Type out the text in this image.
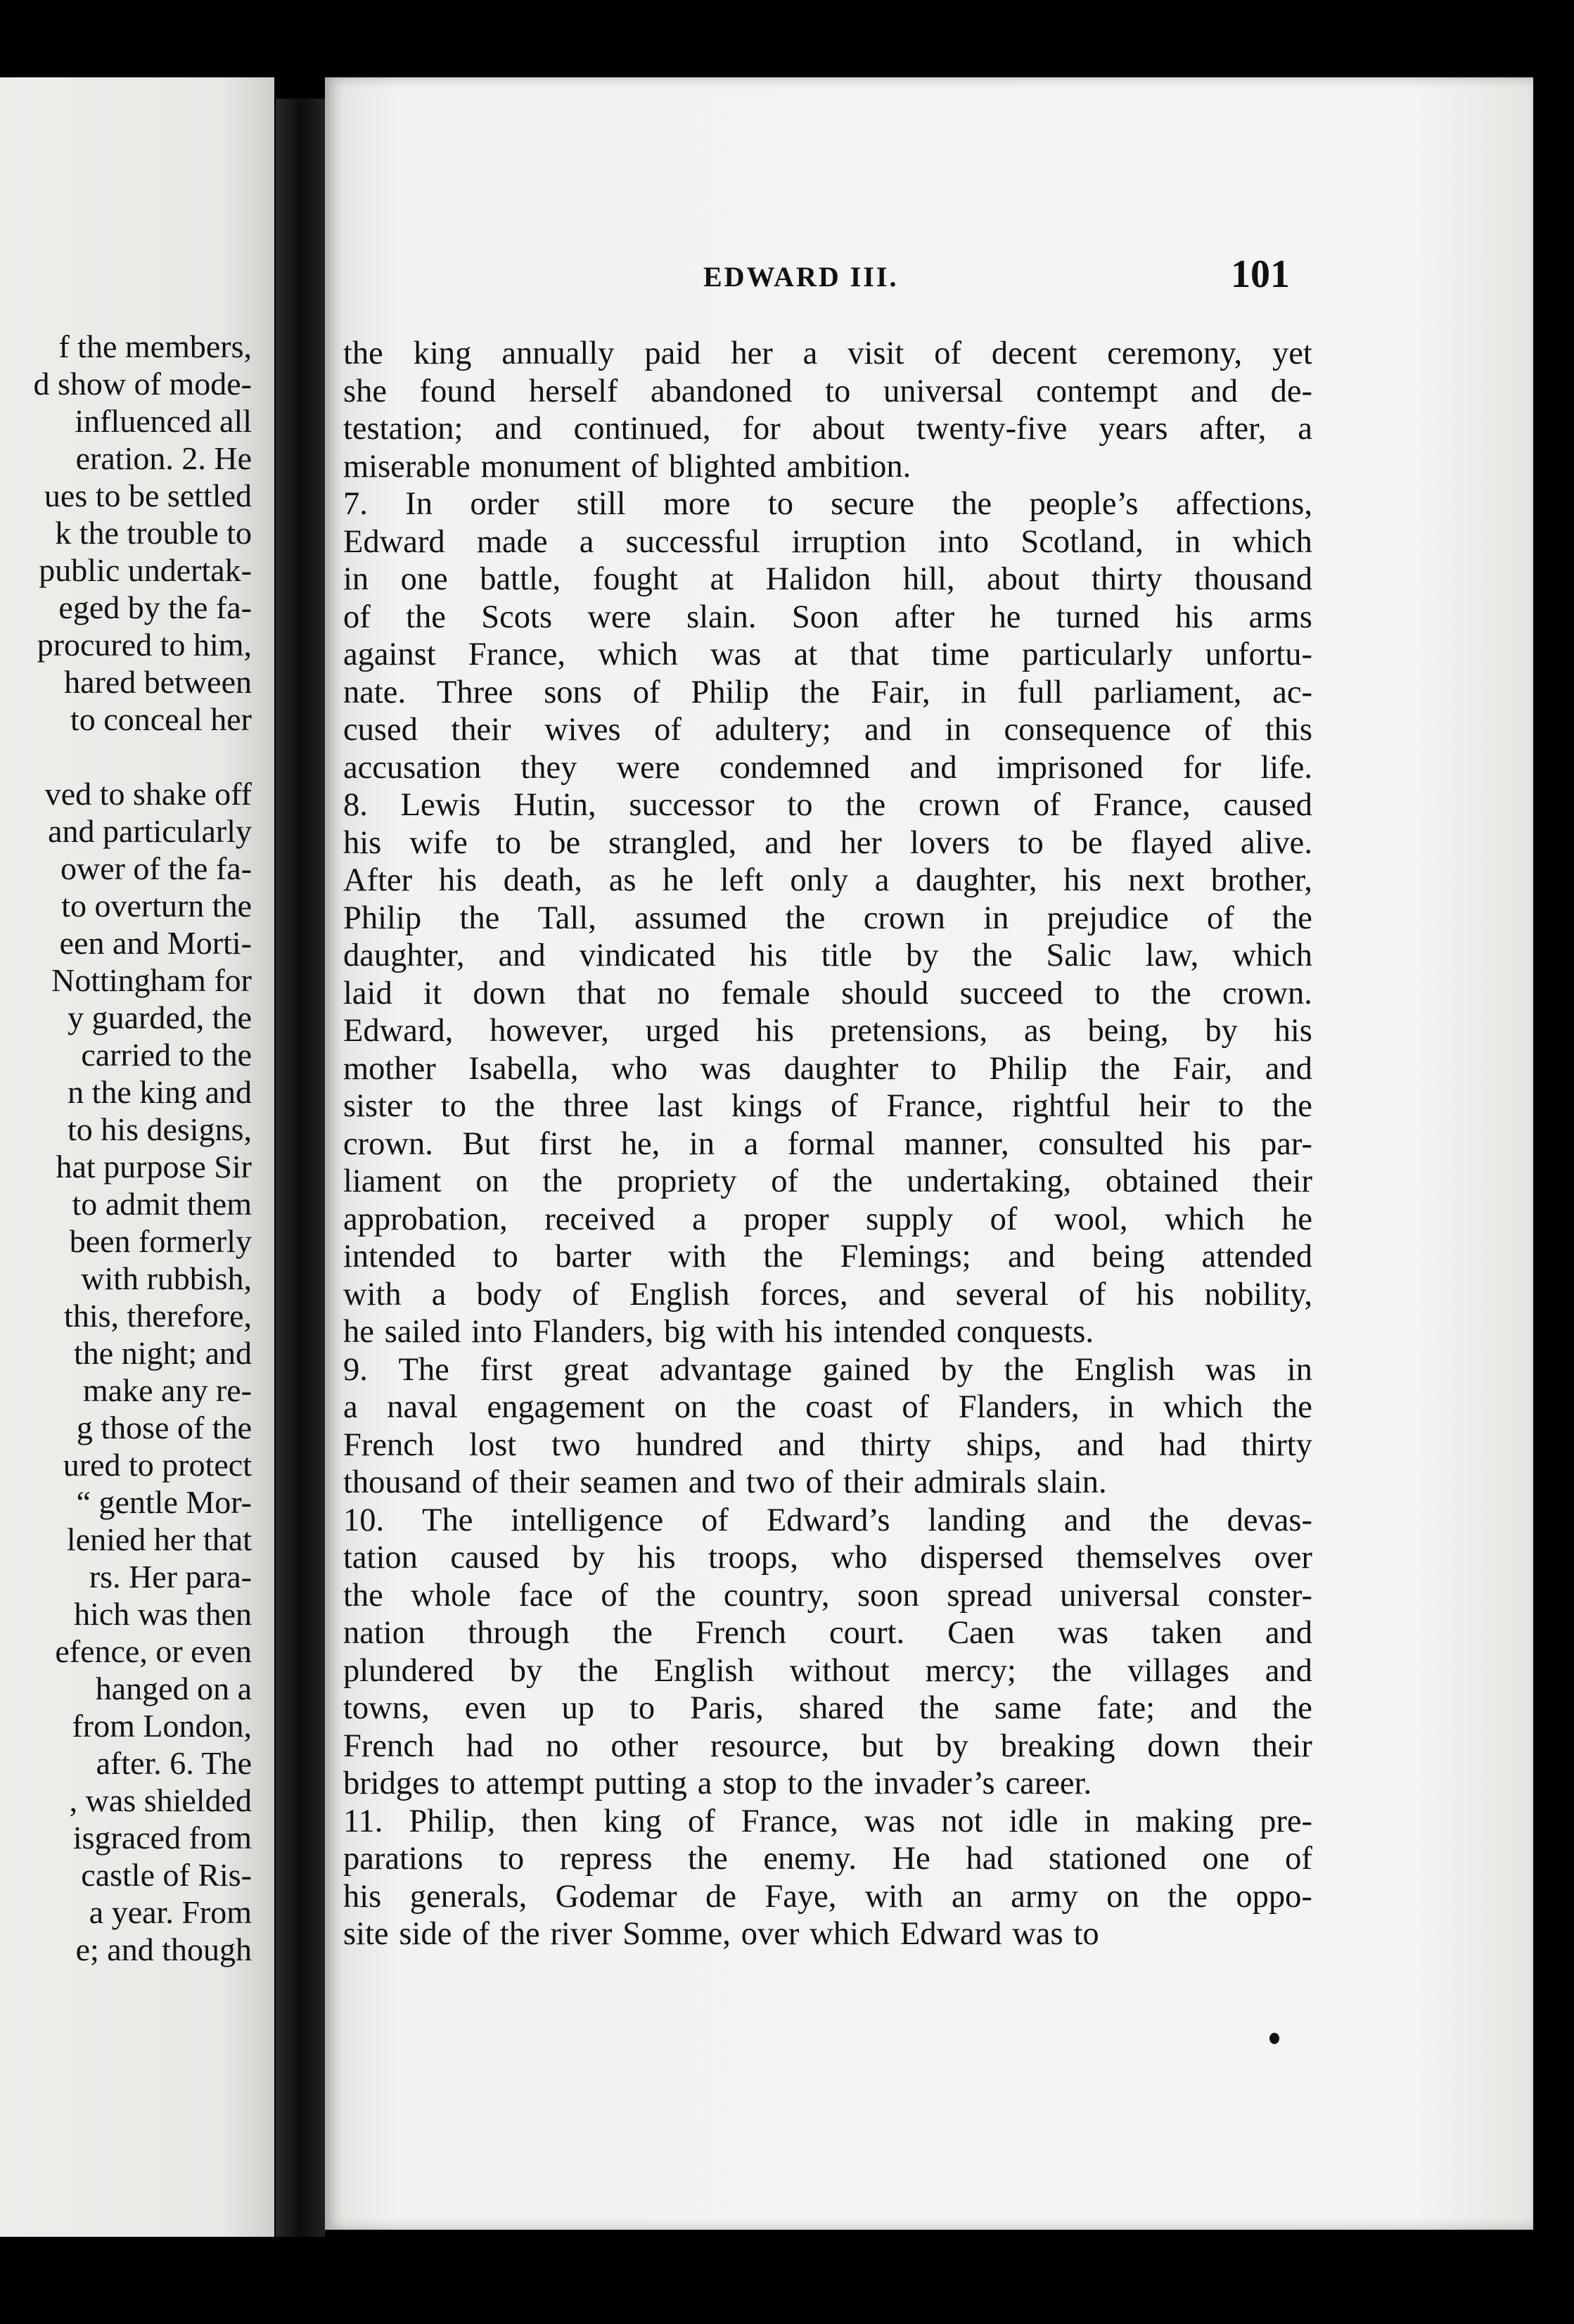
f the members,
d show of mode-
influenced all
eration. 2. He
ues to be settled
k the trouble to
public undertak-
eged by the fa-
procured to him,
hared between
to conceal her
ved to shake off
and particularly
ower of the fa-
to overturn the
een and Morti-
Nottingham for
y guarded, the
carried to the
n the king and
to his designs,
hat purpose Sir
to admit them
been formerly
with rubbish,
this, therefore,
the night; and
make any re-
g those of the
ured to protect
“ gentle Mor-
lenied her that
rs. Her para-
hich was then
efence, or even
hanged on a
from London,
after. 6. The
, was shielded
isgraced from
castle of Ris-
a year. From
e; and though
EDWARD III.	101
the king annually paid her a visit of decent ceremony, yet
she found herself abandoned to universal contempt and de-
testation; and continued, for about twenty-five years after, a
miserable monument of blighted ambition.
7. In order still more to secure the people’s affections,
Edward made a successful irruption into Scotland, in which
in one battle, fought at Halidon hill, about thirty thousand
of the Scots were slain. Soon after he turned his arms
against France, which was at that time particularly unfortu-
nate. Three sons of Philip the Fair, in full parliament, ac-
cused their wives of adultery; and in consequence of this
accusation they were condemned and imprisoned for life.
8. Lewis Hutin, successor to the crown of France, caused
his wife to be strangled, and her lovers to be flayed alive.
After his death, as he left only a daughter, his next brother,
Philip the Tall, assumed the crown in prejudice of the
daughter, and vindicated his title by the Salic law, which
laid it down that no female should succeed to the crown.
Edward, however, urged his pretensions, as being, by his
mother Isabella, who was daughter to Philip the Fair, and
sister to the three last kings of France, rightful heir to the
crown. But first he, in a formal manner, consulted his par-
liament on the propriety of the undertaking, obtained their
approbation, received a proper supply of wool, which he
intended to barter with the Flemings; and being attended
with a body of English forces, and several of his nobility,
he sailed into Flanders, big with his intended conquests.
9. The first great advantage gained by the English was in
a naval engagement on the coast of Flanders, in which the
French lost two hundred and thirty ships, and had thirty
thousand of their seamen and two of their admirals slain.
10. The intelligence of Edward’s landing and the devas-
tation caused by his troops, who dispersed themselves over
the whole face of the country, soon spread universal conster-
nation through the French court. Caen was taken and
plundered by the English without mercy; the villages and
towns, even up to Paris, shared the same fate; and the
French had no other resource, but by breaking down their
bridges to attempt putting a stop to the invader’s career.
11. Philip, then king of France, was not idle in making pre-
parations to repress the enemy. He had stationed one of
his generals, Godemar de Faye, with an army on the oppo-
site side of the river Somme, over which Edward was to
